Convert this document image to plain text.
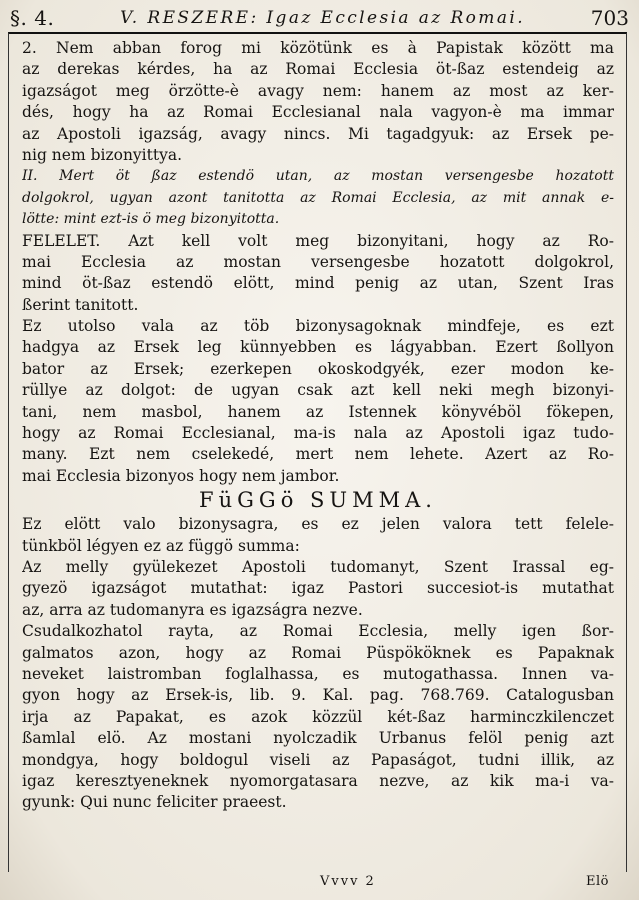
§. 4.	V. RESZERE: Igaz Ecclesia az Romai.	703
2. Nem abban forog mi közötünk es à Papistak között ma
az derekas kérdes, ha az Romai Ecclesia öt-ßaz estendeig az
igazságot meg örzötte-è avagy nem: hanem az most az ker-
dés, hogy ha az Romai Ecclesianal nala vagyon-è ma immar
az Apostoli igazság, avagy nincs. Mi tagadgyuk: az Ersek pe-
nig nem bizonyittya.
II. Mert öt ßaz estendö utan, az mostan versengesbe hozatott
dolgokrol, ugyan azont tanitotta az Romai Ecclesia, az mit annak e-
lötte: mint ezt-is ö meg bizonyitotta.
FELELET. Azt kell volt meg bizonyitani, hogy az Ro-
mai Ecclesia az mostan versengesbe hozatott dolgokrol,
mind öt-ßaz estendö elött, mind penig az utan, Szent Iras
ßerint tanitott.
Ez utolso vala az töb bizonysagoknak mindfeje, es ezt
hadgya az Ersek leg künnyebben es lágyabban. Ezert ßollyon
bator az Ersek; ezerkepen okoskodgyék, ezer modon ke-
rüllye az dolgot: de ugyan csak azt kell neki megh bizonyi-
tani, nem masbol, hanem az Istennek könyvéböl fökepen,
hogy az Romai Ecclesianal, ma-is nala az Apostoli igaz tudo-
many. Ezt nem cselekedé, mert nem lehete. Azert az Ro-
mai Ecclesia bizonyos hogy nem jambor.
FüGGö SUMMA.
Ez elött valo bizonysagra, es ez jelen valora tett felele-
tünkböl légyen ez az függö summa:
Az melly gyülekezet Apostoli tudomanyt, Szent Irassal eg-
gyezö igazságot mutathat: igaz Pastori succesiot-is mutathat
az, arra az tudomanyra es igazságra nezve.
Csudalkozhatol rayta, az Romai Ecclesia, melly igen ßor-
galmatos azon, hogy az Romai Püspököknek es Papaknak
neveket laistromban foglalhassa, es mutogathassa. Innen va-
gyon hogy az Ersek-is, lib. 9. Kal. pag. 768.769. Catalogusban
irja az Papakat, es azok közzül két-ßaz harminczkilenczet
ßamlal elö. Az mostani nyolczadik Urbanus felöl penig azt
mondgya, hogy boldogul viseli az Papaságot, tudni illik, az
igaz keresztyeneknek nyomorgatasara nezve, az kik ma-i va-
gyunk: Qui nunc feliciter praeest.
Vvvv 2	Elö
